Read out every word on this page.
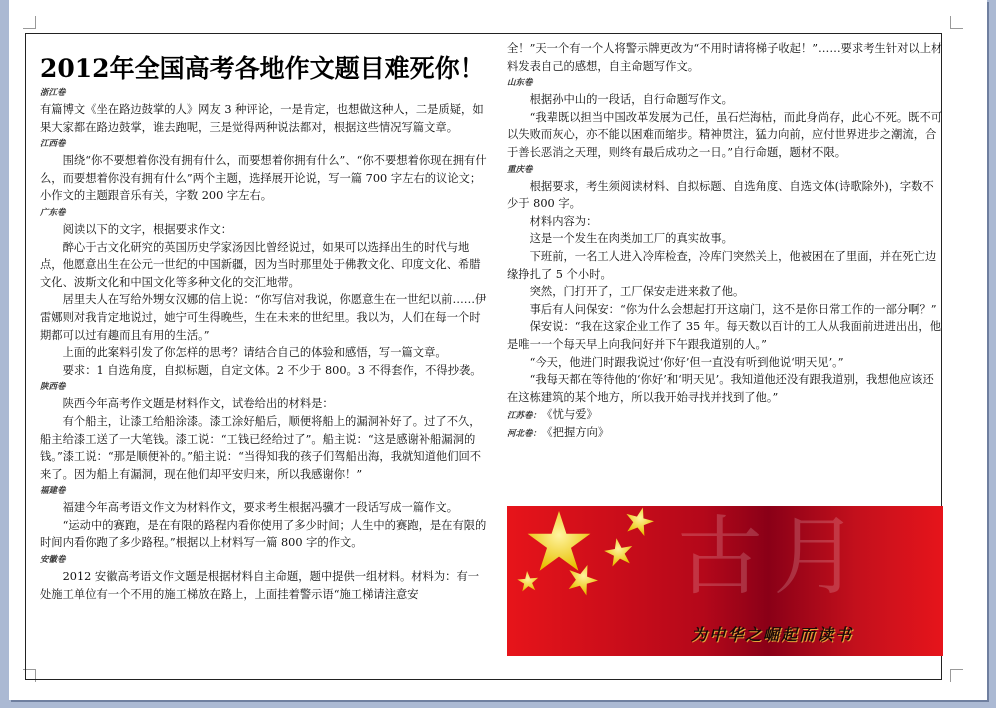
2012年全国高考各地作文题目难死你！
浙江卷

有篇博文《坐在路边鼓掌的人》网友 3 种评论，一是肯定，也想做这种人，二是质疑，如果大家都在路边鼓掌，谁去跑呢，三是觉得两种说法都对，根据这些情况写篇文章。

江西卷

围绕“你不要想着你没有拥有什么，而要想着你拥有什么”、“你不要想着你现在拥有什么，而要想着你没有拥有什么”两个主题，选择展开论说，写一篇 700 字左右的议论文；小作文的主题跟音乐有关，字数 200 字左右。

广东卷

阅读以下的文字，根据要求作文：

醉心于古文化研究的英国历史学家汤因比曾经说过，如果可以选择出生的时代与地点，他愿意出生在公元一世纪的中国新疆，因为当时那里处于佛教文化、印度文化、希腊文化、波斯文化和中国文化等多种文化的交汇地带。

居里夫人在写给外甥女汉娜的信上说：“你写信对我说，你愿意生在一世纪以前……伊雷娜则对我肯定地说过，她宁可生得晚些，生在未来的世纪里。我以为，人们在每一个时期都可以过有趣而且有用的生活。”

上面的此案料引发了你怎样的思考？请结合自己的体验和感悟，写一篇文章。

要求：1 自选角度，自拟标题，自定文体。2 不少于 800。3 不得套作，不得抄袭。

陕西卷

陕西今年高考作文题是材料作文，试卷给出的材料是：

有个船主，让漆工给船涂漆。漆工涂好船后，顺便将船上的漏洞补好了。过了不久，船主给漆工送了一大笔钱。漆工说：“工钱已经给过了”。船主说：“这是感谢补船漏洞的钱。”漆工说：“那是顺便补的。”船主说：“当得知我的孩子们驾船出海，我就知道他们回不来了。因为船上有漏洞，现在他们却平安归来，所以我感谢你！”

福建卷

福建今年高考语文作文为材料作文，要求考生根据冯骥才一段话写成一篇作文。

“运动中的赛跑，是在有限的路程内看你使用了多少时间；人生中的赛跑，是在有限的时间内看你跑了多少路程。”根据以上材料写一篇 800 字的作文。

安徽卷

2012 安徽高考语文作文题是根据材料自主命题，题中提供一组材料。材料为：有一处施工单位有一个不用的施工梯放在路上，上面挂着警示语“施工梯请注意安

全！”天一个有一个人将警示牌更改为“不用时请将梯子收起！”……要求考生针对以上材料发表自己的感想，自主命题写作文。

山东卷

根据孙中山的一段话，自行命题写作文。

“我辈既以担当中国改革发展为己任，虽石烂海枯，而此身尚存，此心不死。既不可以失败而灰心，亦不能以困难而缩步。精神贯注，猛力向前，应付世界进步之潮流，合于善长恶消之天理，则终有最后成功之一日。”自行命题，题材不限。

重庆卷

根据要求，考生须阅读材料、自拟标题、自选角度、自选文体(诗歌除外)，字数不少于 800 字。

材料内容为：

这是一个发生在肉类加工厂的真实故事。

下班前，一名工人进入冷库检查，冷库门突然关上，他被困在了里面，并在死亡边缘挣扎了 5 个小时。

突然，门打开了，工厂保安走进来救了他。

事后有人问保安：“你为什么会想起打开这扇门，这不是你日常工作的一部分啊？”

保安说：“我在这家企业工作了 35 年。每天数以百计的工人从我面前进进出出，他是唯一一个每天早上向我问好并下午跟我道别的人。”

“今天，他进门时跟我说过‘你好’但一直没有听到他说‘明天见’。”

“我每天都在等待他的‘你好’和‘明天见’。我知道他还没有跟我道别，我想他应该还在这栋建筑的某个地方，所以我开始寻找并找到了他。”

江苏卷： 《忧与爱》
河北卷： 《把握方向》
古月
为中华之崛起而读书
